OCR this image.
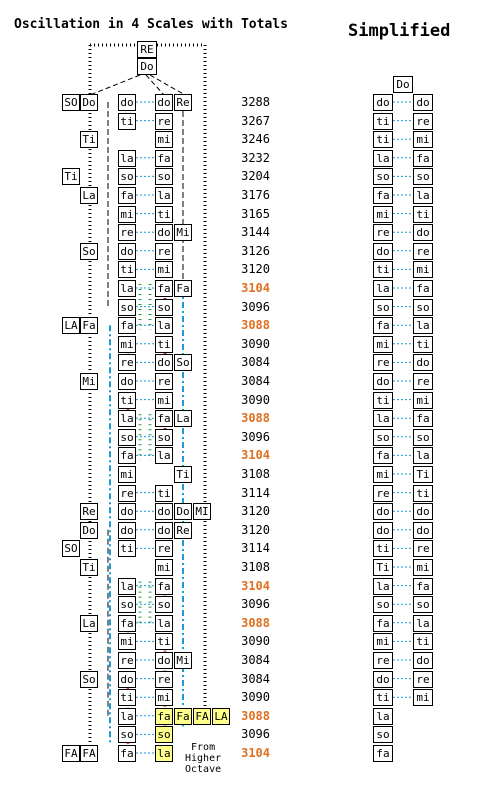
Oscillation in 4 Scales with Totals	Simplified
RE
Do
SO
Ti
LA
SO
FA
Do
Ti
La
So
Fa
Mi
Re
Do
Ti
La
So
FA
do
ti
la
so
fa
mi
re
do
ti
la
so
fa
mi
re
do
ti
la
so
fa
mi
re
do
do
ti
la
so
fa
mi
re
do
ti
la
so
fa
do
re
mi
fa
so
la
ti
do
re
mi
fa
so
la
ti
do
re
mi
fa
so
la
ti
do
do
re
mi
fa
so
la
ti
do
re
mi
fa
so
la
Re
Mi
Fa
So
La
Ti
Do
Re
Mi
Fa
MI
FA LA
3288
3267
3246
3232
3204
3176
3165
3144
3126
3120
3104
3096
3088
3090
3084
3084
3090
3088
3096
3104
3108
3114
3120
3120
3114
3108
3104
3096
3088
3090
3084
3084
3090
3088
3096
3104
From
Higher
Octave
Do
do
ti
ti
la
so
fa
mi
re
do
ti
la
so
fa
mi
re
do
ti
la
so
fa
mi
re
do
do
ti
Ti
la
so
fa
mi
re
do
ti
la
so
fa
do
re
mi
fa
so
la
ti
do
re
mi
fa
so
la
ti
do
re
mi
fa
so
la
Ti
ti
do
do
re
mi
fa
so
la
ti
do
re
mi
